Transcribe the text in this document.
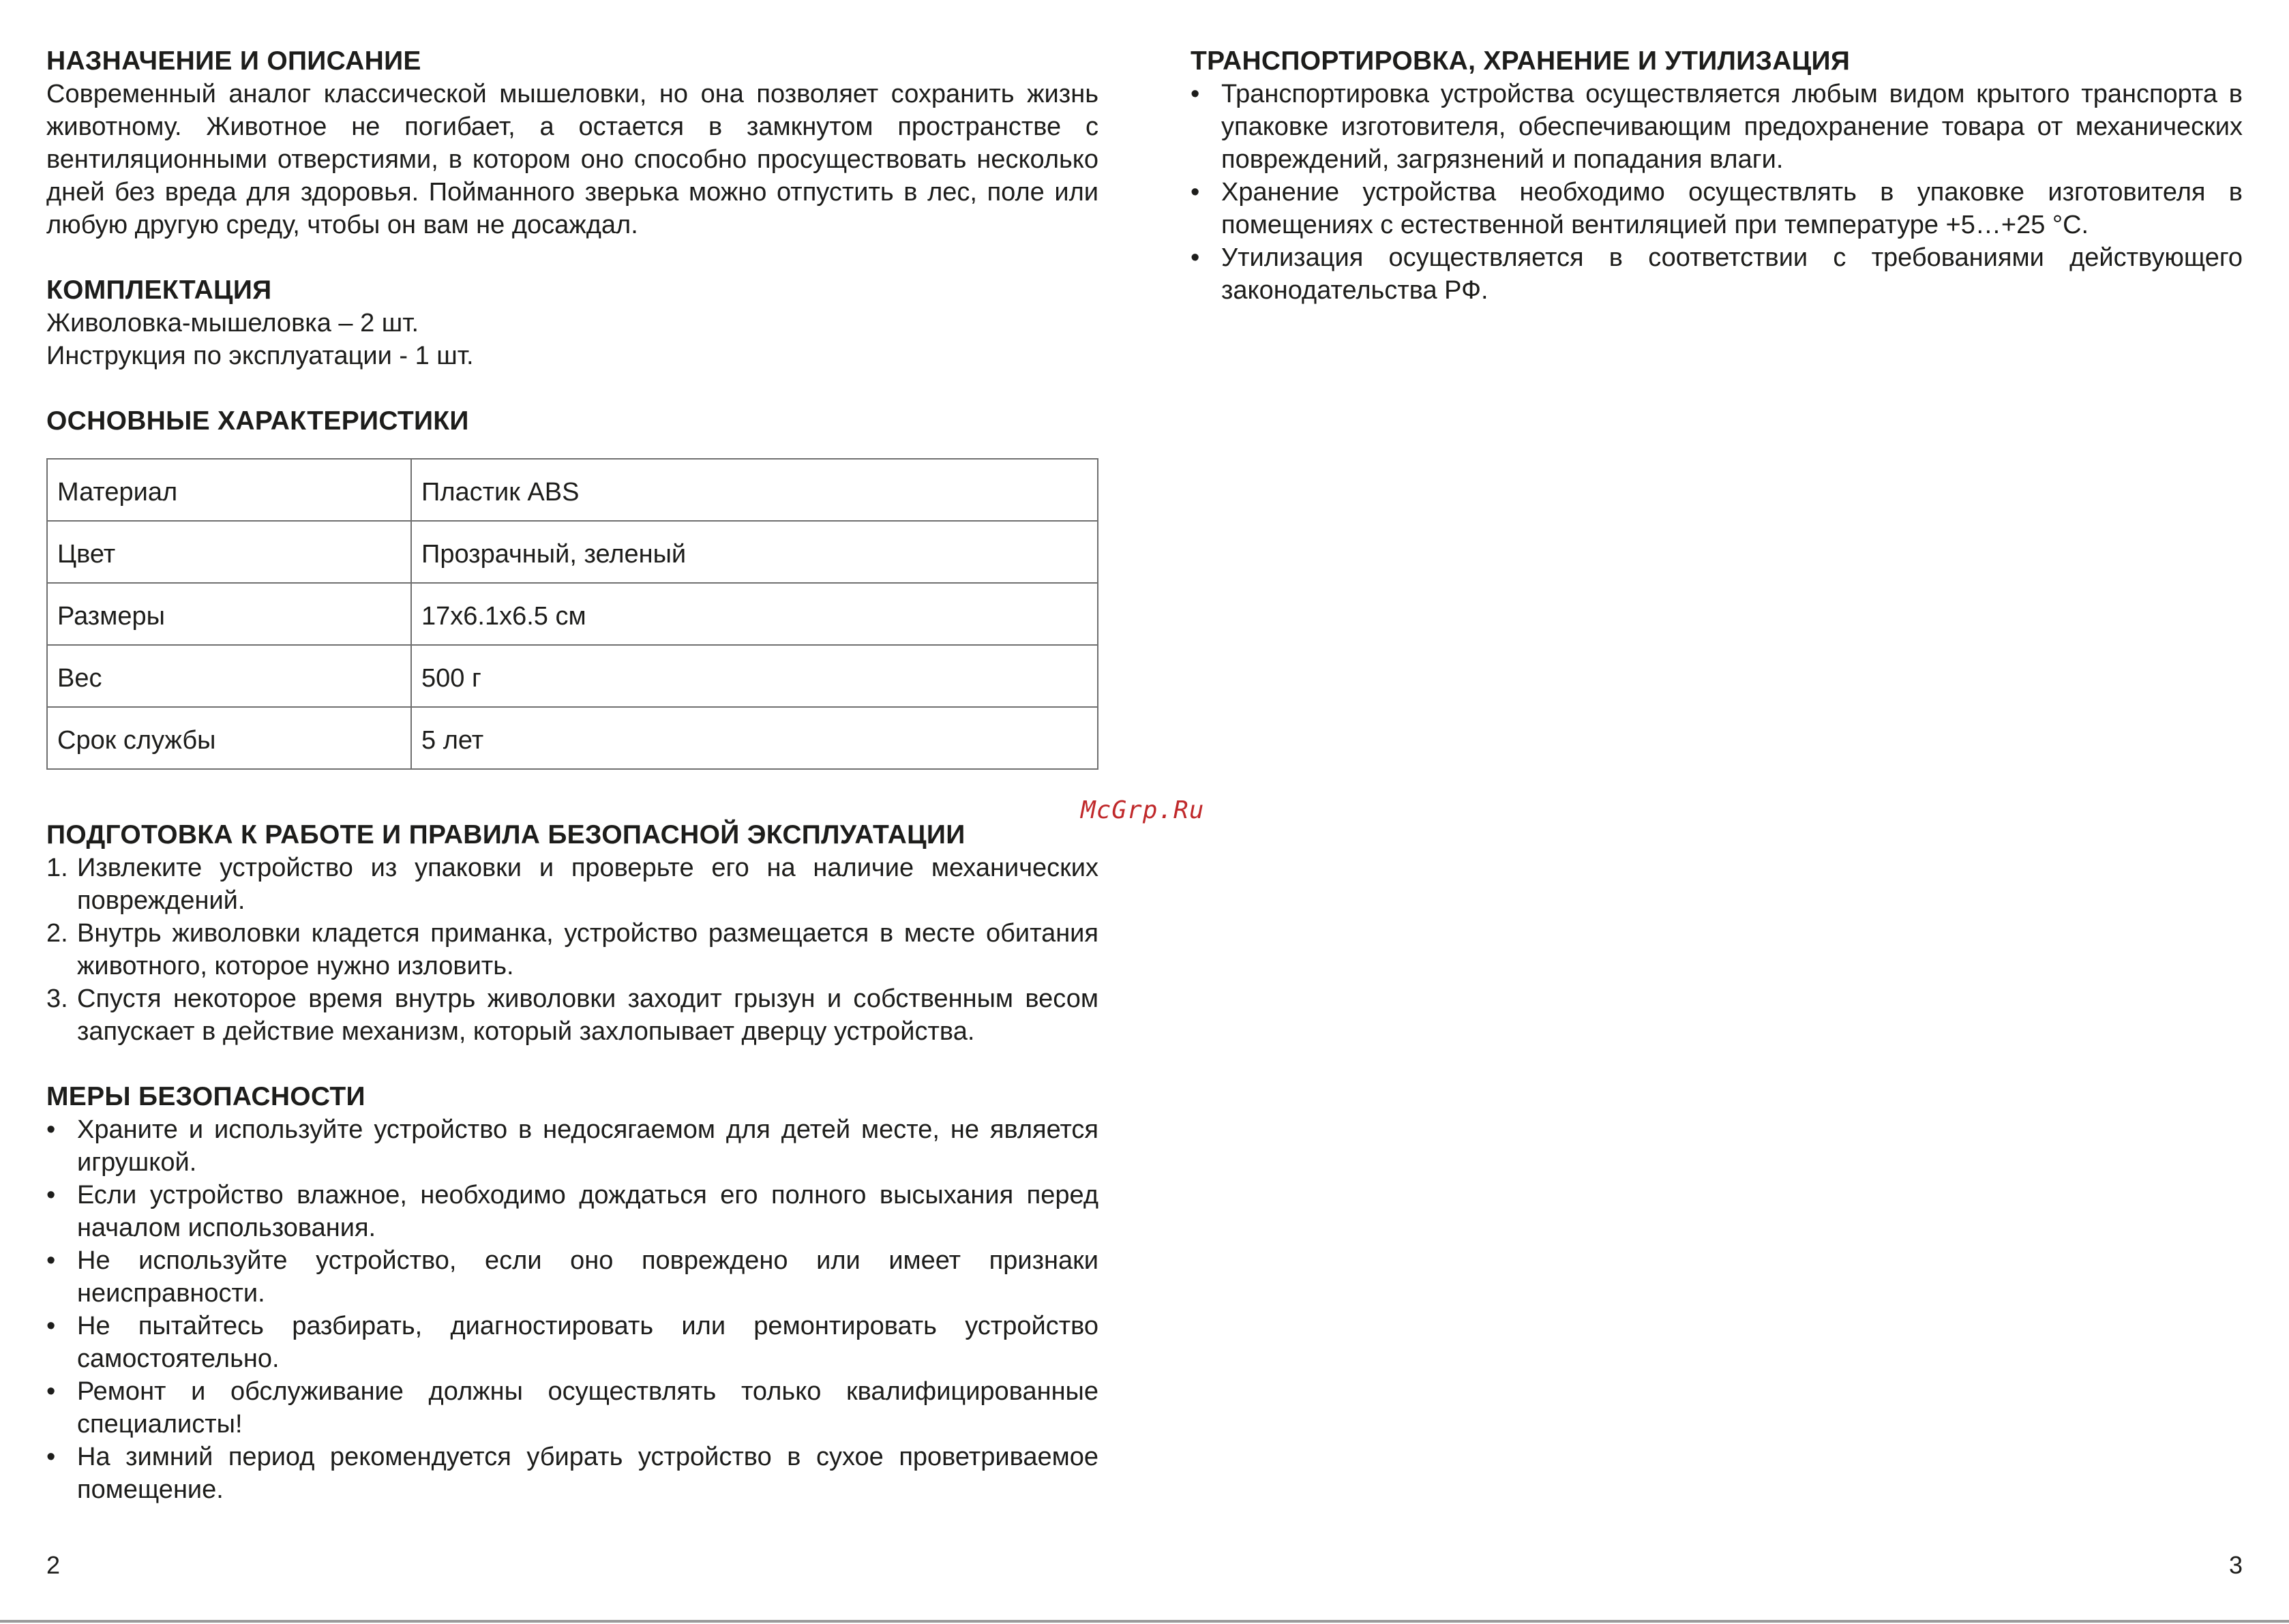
НАЗНАЧЕНИЕ И ОПИСАНИЕ

Современный аналог классической мышеловки, но она позволяет сохранить жизнь животному. Животное не погибает, а остается в замкнутом пространстве с вентиляционными отверстиями, в котором оно способно просуществовать несколько дней без вреда для здоровья. Пойманного зверька можно отпустить в лес, поле или любую другую среду, чтобы он вам не досаждал.

КОМПЛЕКТАЦИЯ
Живоловка-мышеловка – 2 шт.
Инструкция по эксплуатации - 1 шт.
ОСНОВНЫЕ ХАРАКТЕРИСТИКИ
Материал	Пластик ABS
Цвет	Прозрачный, зеленый
Размеры	17x6.1x6.5 см
Вес	500 г
Срок службы	5 лет
ПОДГОТОВКА К РАБОТЕ И ПРАВИЛА БЕЗОПАСНОЙ ЭКСПЛУАТАЦИИ
1. Извлеките устройство из упаковки и проверьте его на наличие механических повреждений.
2. Внутрь живоловки кладется приманка, устройство размещается в месте обитания животного, которое нужно изловить.
3. Спустя некоторое время внутрь живоловки заходит грызун и собственным весом запускает в действие механизм, который захлопывает дверцу устройства.
МЕРЫ БЕЗОПАСНОСТИ
• Храните и используйте устройство в недосягаемом для детей месте, не является игрушкой.
• Если устройство влажное, необходимо дождаться его полного высыхания перед началом использования.
• Не используйте устройство, если оно повреждено или имеет признаки неисправности.
• Не пытайтесь разбирать, диагностировать или ремонтировать устройство самостоятельно.
• Ремонт и обслуживание должны осуществлять только квалифицированные специалисты!
• На зимний период рекомендуется убирать устройство в сухое проветриваемое помещение.
2
McGrp.Ru
ТРАНСПОРТИРОВКА, ХРАНЕНИЕ И УТИЛИЗАЦИЯ
• Транспортировка устройства осуществляется любым видом крытого транспорта в упаковке изготовителя, обеспечивающим предохранение товара от механических повреждений, загрязнений и попадания влаги.
• Хранение устройства необходимо осуществлять в упаковке изготовителя в помещениях с естественной вентиляцией при температуре +5…+25 °С.
• Утилизация осуществляется в соответствии с требованиями действующего законодательства РФ.
3
